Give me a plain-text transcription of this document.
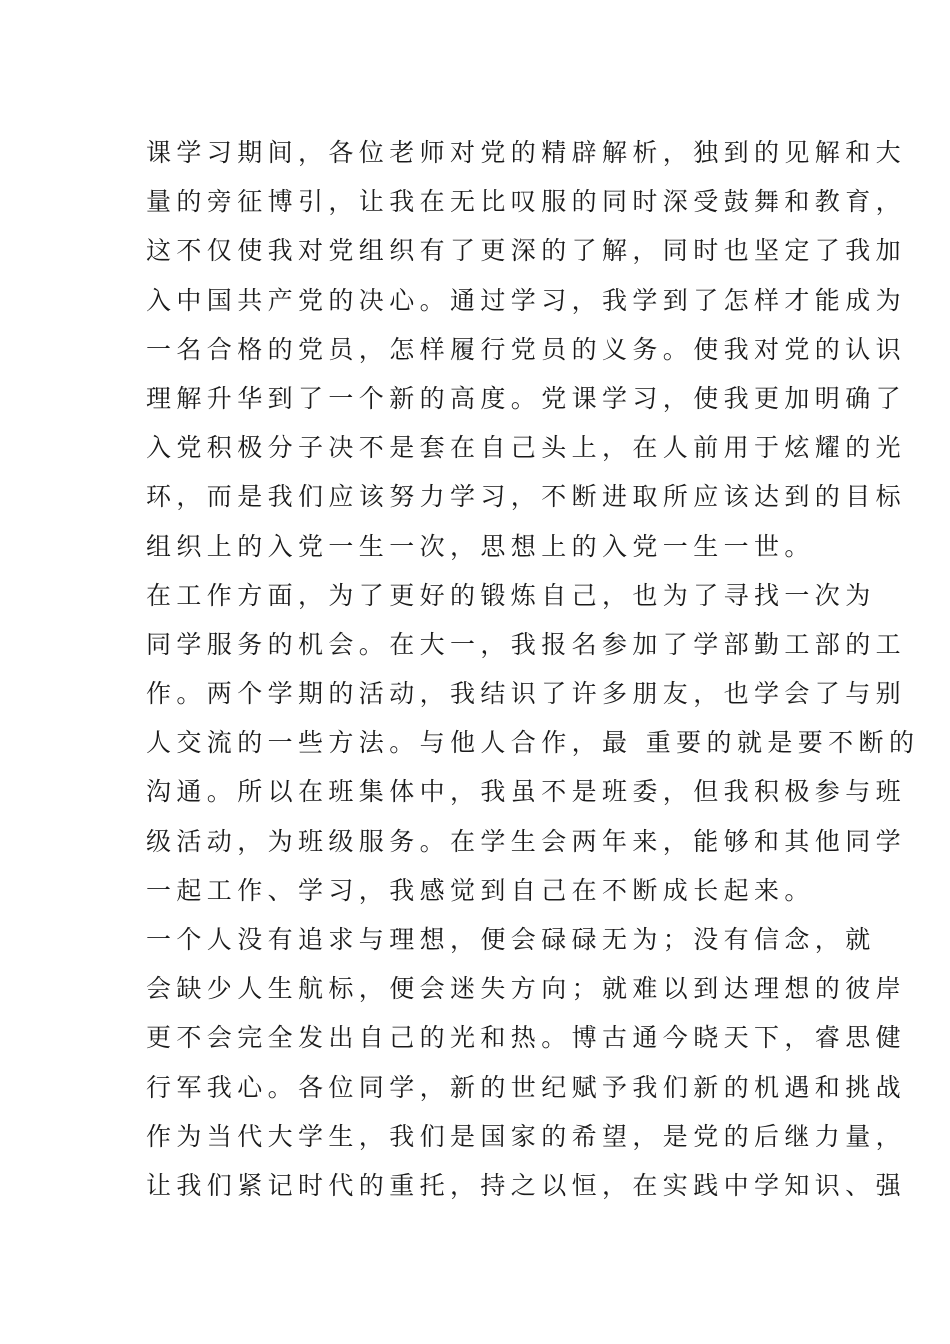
课学习期间，各位老师对党的精辟解析，独到的见解和大
量的旁征博引，让我在无比叹服的同时深受鼓舞和教育，
这不仅使我对党组织有了更深的了解，同时也坚定了我加
入中国共产党的决心。通过学习，我学到了怎样才能成为
一名合格的党员，怎样履行党员的义务。使我对党的认识
理解升华到了一个新的高度。党课学习，使我更加明确了
入党积极分子决不是套在自己头上，在人前用于炫耀的光
环，而是我们应该努力学习，不断进取所应该达到的目标
组织上的入党一生一次，思想上的入党一生一世。
在工作方面，为了更好的锻炼自己，也为了寻找一次为
同学服务的机会。在大一，我报名参加了学部勤工部的工
作。两个学期的活动，我结识了许多朋友，也学会了与别
人交流的一些方法。与他人合作，最 重要的就是要不断的
沟通。所以在班集体中，我虽不是班委，但我积极参与班
级活动，为班级服务。在学生会两年来，能够和其他同学
一起工作、学习，我感觉到自己在不断成长起来。
一个人没有追求与理想，便会碌碌无为；没有信念，就
会缺少人生航标，便会迷失方向；就难以到达理想的彼岸
更不会完全发出自己的光和热。博古通今晓天下，睿思健
行军我心。各位同学，新的世纪赋予我们新的机遇和挑战
作为当代大学生，我们是国家的希望，是党的后继力量，
让我们紧记时代的重托，持之以恒，在实践中学知识、强
